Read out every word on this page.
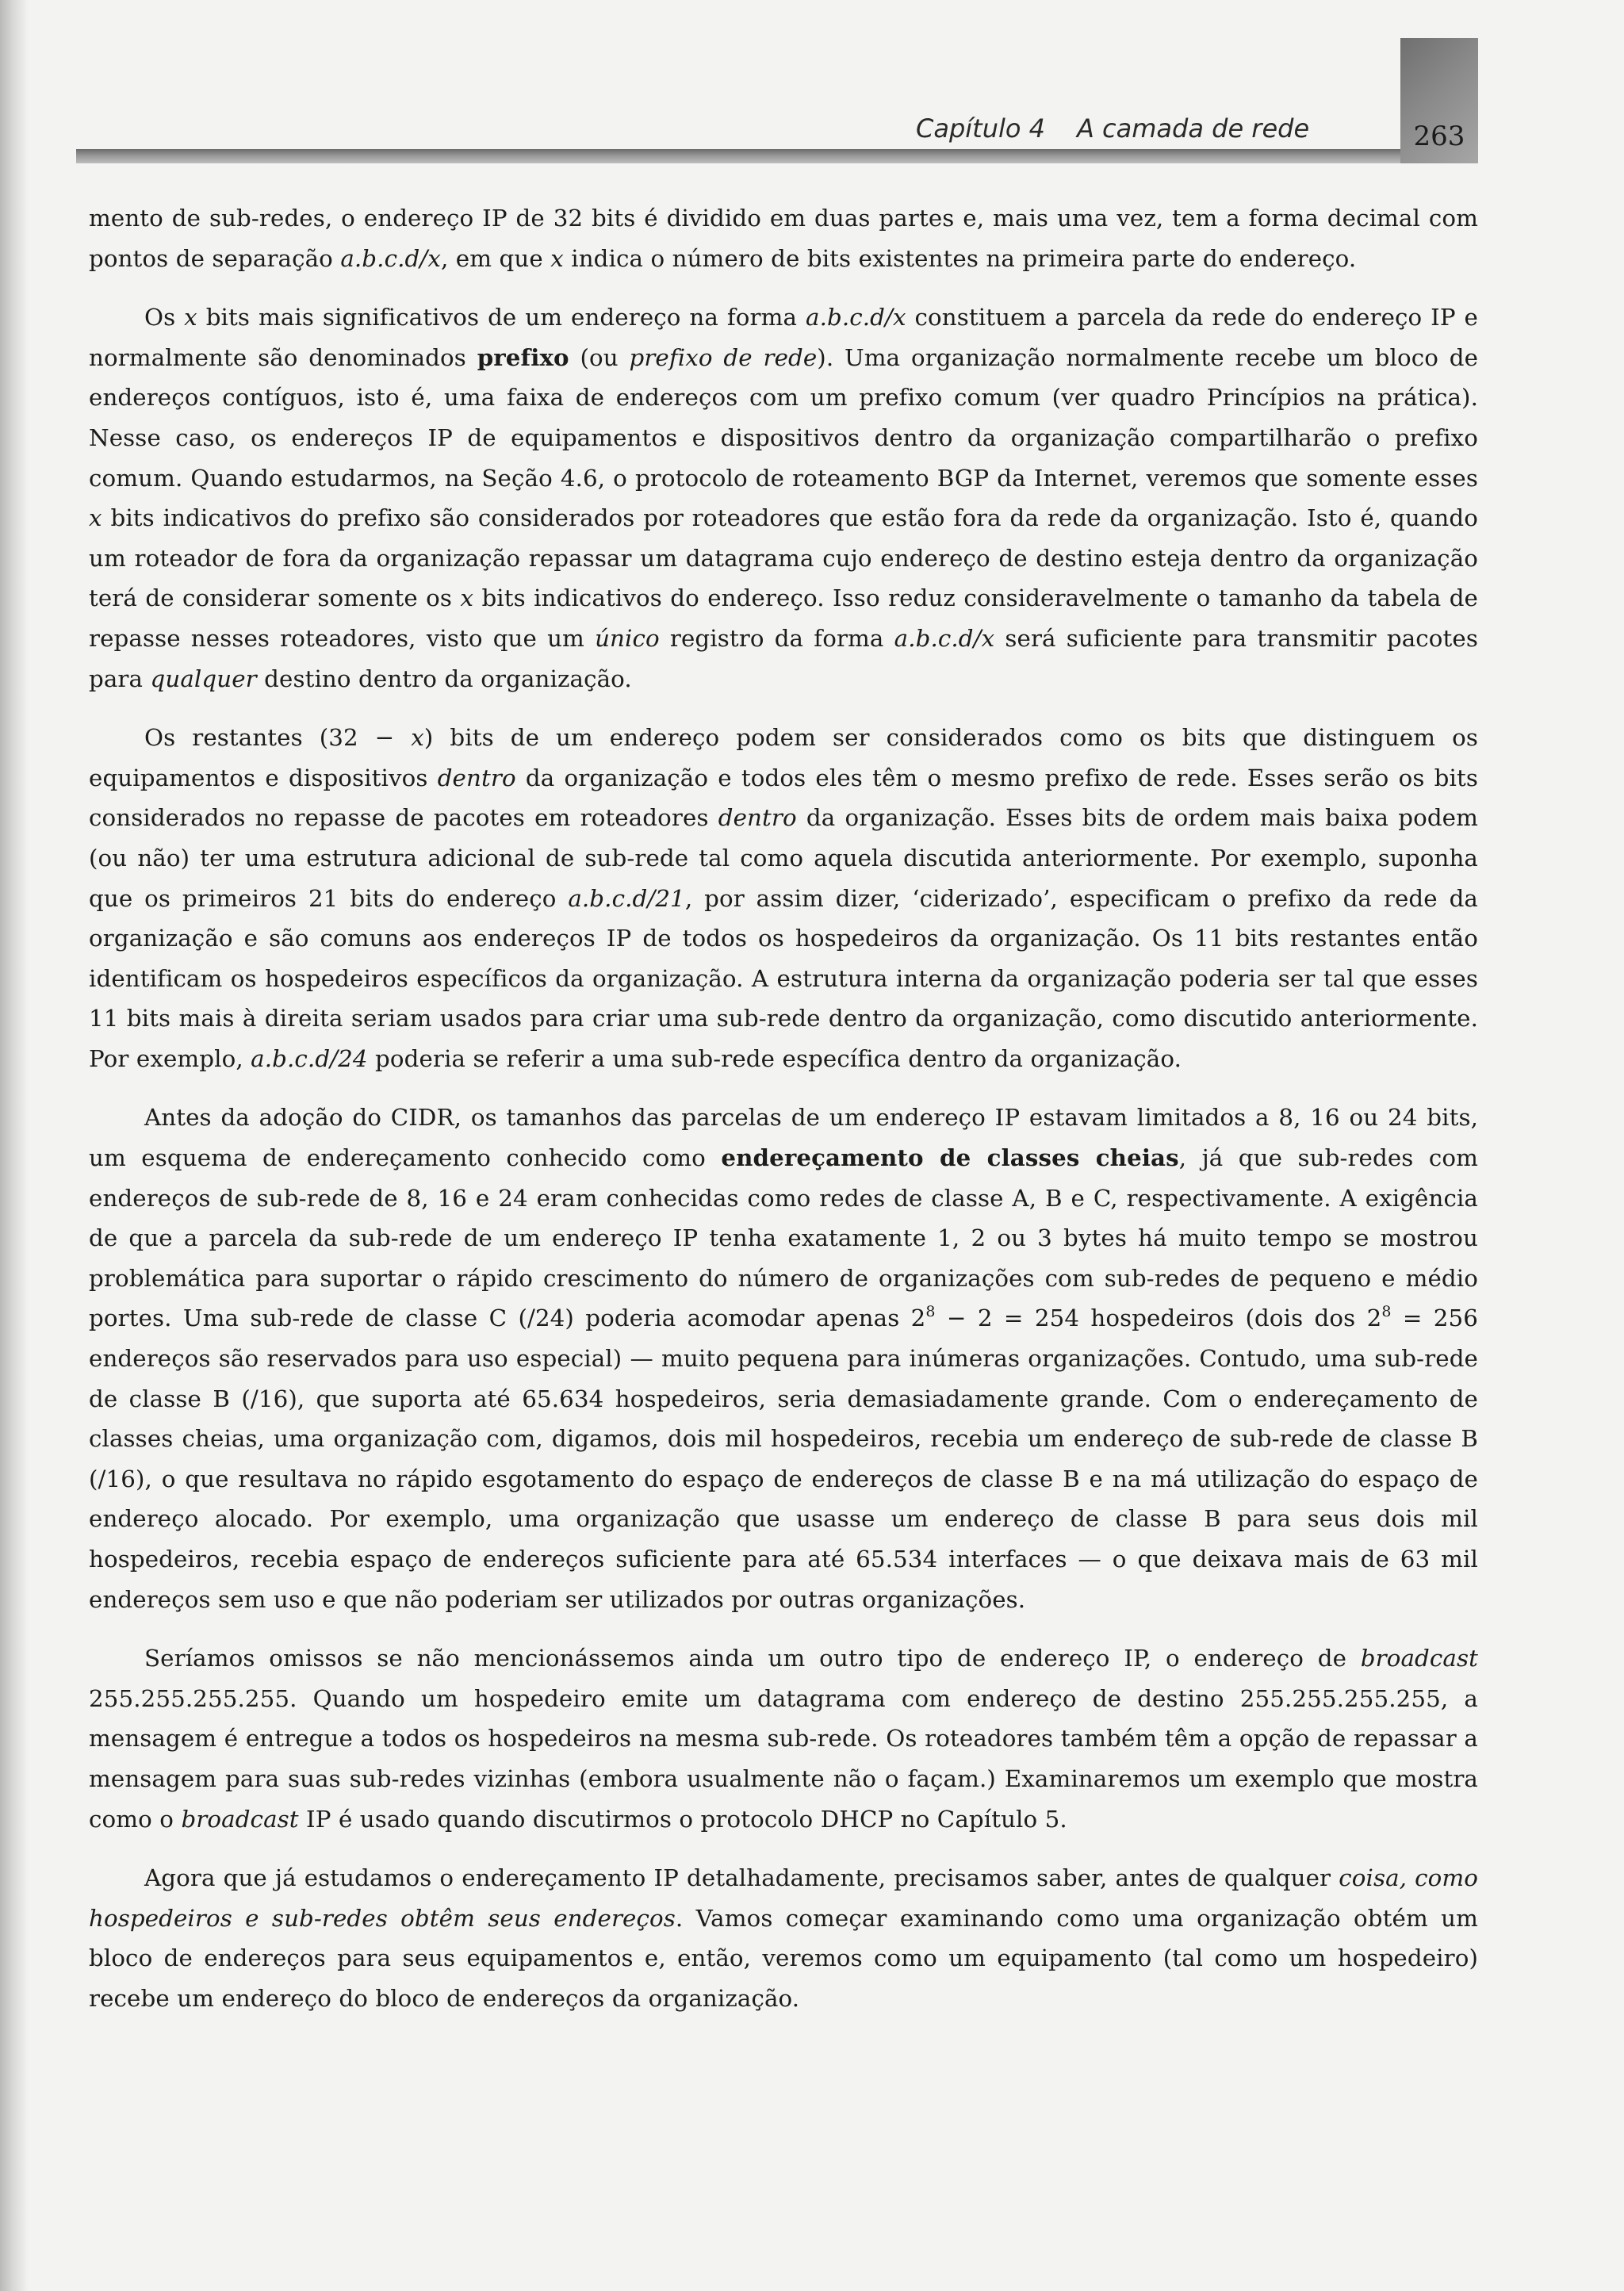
Capítulo 4 A camada de rede	263

mento de sub-redes, o endereço IP de 32 bits é dividido em duas partes e, mais uma vez, tem a forma decimal com pontos de separação a.b.c.d/x, em que x indica o número de bits existentes na primeira parte do endereço.

Os x bits mais significativos de um endereço na forma a.b.c.d/x constituem a parcela da rede do endereço IP e normalmente são denominados prefixo (ou prefixo de rede). Uma organização normalmente recebe um bloco de endereços contíguos, isto é, uma faixa de endereços com um prefixo comum (ver quadro Princípios na prática). Nesse caso, os endereços IP de equipamentos e dispositivos dentro da organização compartilharão o prefixo comum. Quando estudarmos, na Seção 4.6, o protocolo de roteamento BGP da Internet, veremos que somente esses x bits indicativos do prefixo são considerados por roteadores que estão fora da rede da organização. Isto é, quando um roteador de fora da organização repassar um datagrama cujo endereço de destino esteja dentro da organização terá de considerar somente os x bits indicativos do endereço. Isso reduz consideravelmente o tamanho da tabela de repasse nesses roteadores, visto que um único registro da forma a.b.c.d/x será suficiente para transmitir pacotes para qualquer destino dentro da organização.

Os restantes (32 − x) bits de um endereço podem ser considerados como os bits que distinguem os equipamentos e dispositivos dentro da organização e todos eles têm o mesmo prefixo de rede. Esses serão os bits considerados no repasse de pacotes em roteadores dentro da organização. Esses bits de ordem mais baixa podem (ou não) ter uma estrutura adicional de sub-rede tal como aquela discutida anteriormente. Por exemplo, suponha que os primeiros 21 bits do endereço a.b.c.d/21, por assim dizer, ‘ciderizado’, especificam o prefixo da rede da organização e são comuns aos endereços IP de todos os hospedeiros da organização. Os 11 bits restantes então identificam os hospedeiros específicos da organização. A estrutura interna da organização poderia ser tal que esses 11 bits mais à direita seriam usados para criar uma sub-rede dentro da organização, como discutido anteriormente. Por exemplo, a.b.c.d/24 poderia se referir a uma sub-rede específica dentro da organização.

Antes da adoção do CIDR, os tamanhos das parcelas de um endereço IP estavam limitados a 8, 16 ou 24 bits, um esquema de endereçamento conhecido como endereçamento de classes cheias, já que sub-redes com endereços de sub-rede de 8, 16 e 24 eram conhecidas como redes de classe A, B e C, respectivamente. A exigência de que a parcela da sub-rede de um endereço IP tenha exatamente 1, 2 ou 3 bytes há muito tempo se mostrou problemática para suportar o rápido crescimento do número de organizações com sub-redes de pequeno e médio portes. Uma sub-rede de classe C (/24) poderia acomodar apenas $2^8 - 2 = 254$ hospedeiros (dois dos $2^8 = 256$ endereços são reservados para uso especial) — muito pequena para inúmeras organizações. Contudo, uma sub-rede de classe B (/16), que suporta até 65.634 hospedeiros, seria demasiadamente grande. Com o endereçamento de classes cheias, uma organização com, digamos, dois mil hospedeiros, recebia um endereço de sub-rede de classe B (/16), o que resultava no rápido esgotamento do espaço de endereços de classe B e na má utilização do espaço de endereço alocado. Por exemplo, uma organização que usasse um endereço de classe B para seus dois mil hospedeiros, recebia espaço de endereços suficiente para até 65.534 interfaces — o que deixava mais de 63 mil endereços sem uso e que não poderiam ser utilizados por outras organizações.

Seríamos omissos se não mencionássemos ainda um outro tipo de endereço IP, o endereço de broadcast 255.255.255.255. Quando um hospedeiro emite um datagrama com endereço de destino 255.255.255.255, a mensagem é entregue a todos os hospedeiros na mesma sub-rede. Os roteadores também têm a opção de repassar a mensagem para suas sub-redes vizinhas (embora usualmente não o façam.) Examinaremos um exemplo que mostra como o broadcast IP é usado quando discutirmos o protocolo DHCP no Capítulo 5.

Agora que já estudamos o endereçamento IP detalhadamente, precisamos saber, antes de qualquer coisa, como hospedeiros e sub-redes obtêm seus endereços. Vamos começar examinando como uma organização obtém um bloco de endereços para seus equipamentos e, então, veremos como um equipamento (tal como um hospedeiro) recebe um endereço do bloco de endereços da organização.
